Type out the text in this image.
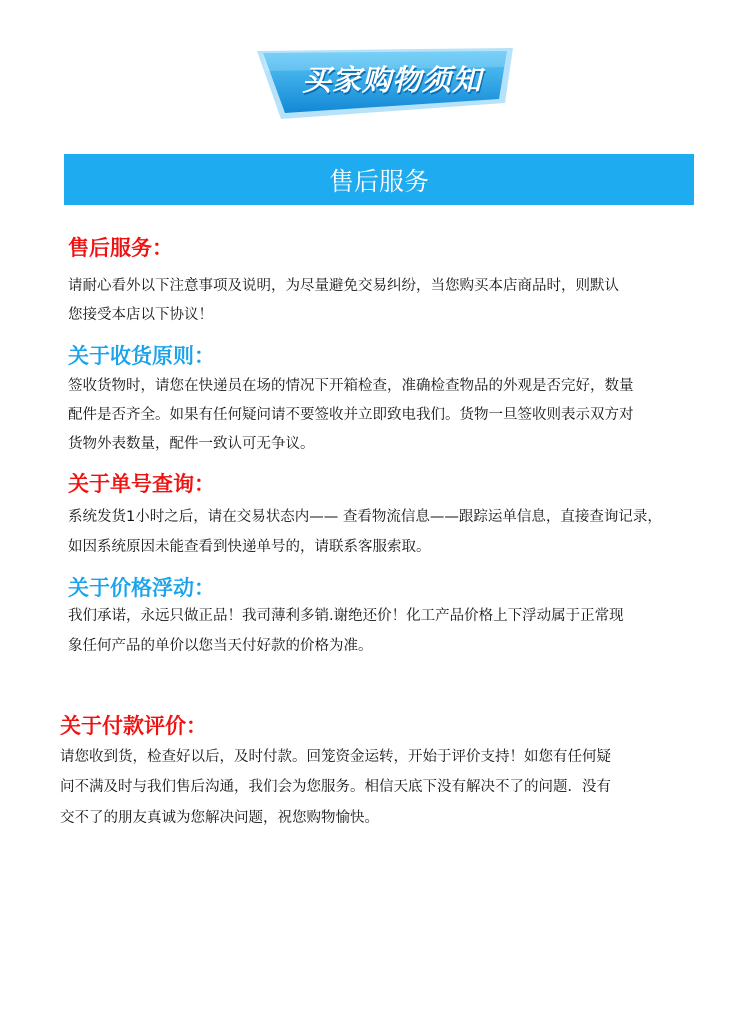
买家购物须知
售后服务
售后服务：

请耐心看外以下注意事项及说明，为尽量避免交易纠纷，当您购买本店商品时，则默认

您接受本店以下协议！

关于收货原则：

签收货物时，请您在快递员在场的情况下开箱检查，准确检查物品的外观是否完好，数量

配件是否齐全。如果有任何疑问请不要签收并立即致电我们。货物一旦签收则表示双方对

货物外表数量，配件一致认可无争议。

关于单号查询：

系统发货1小时之后，请在交易状态内—— 查看物流信息——跟踪运单信息，直接查询记录，

如因系统原因未能查看到快递单号的，请联系客服索取。

关于价格浮动：

我们承诺，永远只做正品！我司薄利多销.谢绝还价！化工产品价格上下浮动属于正常现

象任何产品的单价以您当天付好款的价格为准。

关于付款评价：

请您收到货，检查好以后，及时付款。回笼资金运转，开始于评价支持！如您有任何疑

问不满及时与我们售后沟通，我们会为您服务。相信天底下没有解决不了的问题．没有

交不了的朋友真诚为您解决问题，祝您购物愉快。
